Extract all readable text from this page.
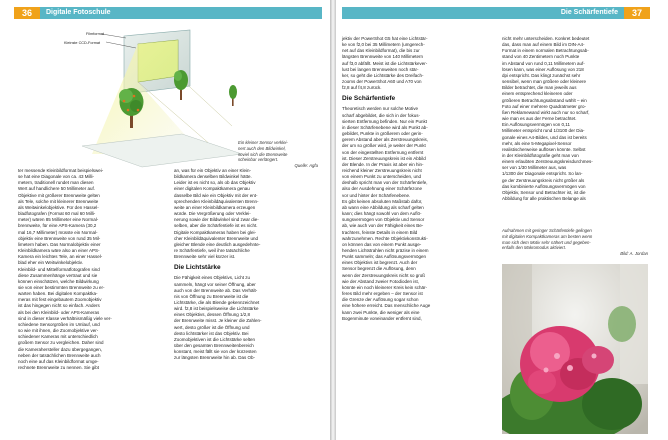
36	Digitale Fotoschule
Filmformat
Kleinste CCD-Format
Ein kleiner Sensor verklei-
nert auch den Bildwinkel,
soviel sich die Brennweite
scheinbar verlängert.
Quelle: Agfa
ter messende Kleinbildformat beispielswei-
se hat eine Diagonale von ca. 43 Milli-
metern, traditionell rundet man diesen
Wert auf handlichere 50 Millimeter auf.
Objektive mit größerer Brennweite gelten
als Tele, solche mit kleinerer Brennweite
als Weitwinkelobjektive. Für den Hassel-
bladfotografen (Format 60 mal 60 Milli-
meter) wären 85 Millimeter eine Normal-
brennweite, für eine APS-Kamera (30,2
mal 16,7 Millimeter) müsste ein Normal-
objektiv eine Brennweite von rund 35 Mil-
limetern haben. Das Normalobjektiv einer
Kleinbildkamera wäre also an einer APS-
Kamera ein leichtes Tele, an einer Hassel-
blad eher ein Weitwinkelobjektiv.
Kleinbild- und Mittelformatfotografen sind
diese Zusammenhänge vertraut und sie
können einschätzen, welche Bildwirkung
sie von einer bestimmten Brennweite zu er-
warten haben. Bei digitalen Kompaktka-
meras mit fest eingebautem Zoomobjektiv
ist das hingegen nicht so einfach. Anders
als bei den Kleinbild- oder APS-Kameras
sind in dieser Klasse verhältnismäßig viele ver-
schiedene Sensorgrößen im Umlauf, und
so wie mit ihnen, die Zoomobjektive ver-
schiedener Kameras mit unterschiedlich
großem Sensor zu vergleichen. Daher sind
die Kamerahersteller dazu übergegangen,
neben der tatsächlichen Brennweite auch
noch eine auf das Kleinbildformat umge-
rechnete Brennweite zu nennen. Sie gibt
an, was für ein Objektiv an einer Klein-
bildkamera denselben Bildwinkel hätte.
Leider ist es nicht so, als ob das Objektiv
einer digitalen Kompaktkamera genau
dasselbe Bild wie ein Objektiv mit der ent-
sprechenden Kleinbildäquivalenten Brenn-
weite an einer Kleinbildkamera erzeugen
würde. Die Vergrößerung oder Verklei-
nerung sowie der Bildwinkel sind zwar die-
selben, aber die Schärfentiefe ist es nicht.
Digitale Kompaktkameras haben bei glei-
cher Kleinbildäquivalenter Brennweite und
gleicher Blende eine deutlich ausgedehnte-
re Schärfentiefe, weil ihre tatsächliche
Brennweite sehr viel kürzer ist.
Die Lichtstärke
Die Fähigkeit eines Objektivs, Licht zu
sammeln, hängt vor seiner Öffnung, aber
auch von der Brennweite ab. Das Verhält-
nis von Öffnung zu Brennweite ist die
Lichtstärke, die als Blende gekennzeichnet
wird. f2,8 ist beispielsweise die Lichtstärke
eines Objektivs, dessen Öffnung 1/2,8
der Brennweite misst. Je kleiner die Zahlen-
wert, desto größer ist die Öffnung und
desto lichtstärker ist das Objektiv. Bei
Zoomobjektiven ist die Lichtstärke selten
über den gesamten Brennweitenbereich
konstant, meist fällt sie von der kürzesten
zur längsten Brennweite hin ab. Das Ob-
Die Schärfentiefe	37
jektiv der PowerShot G5 hat eine Lichtstär-
ke von f2,0 bei 35 Millimetern (umgerech-
net auf das Kleinbildformat), die bis zur
längsten Brennweite von 140 Millimetern
auf f3,0 abfällt. Meist ist die Lichtstärkever-
lust bei langen Brennweiten noch stär-
ker, so geht die Lichtstärke des Dreifach-
zooms der PowerShot A60 und A70 von
f2,8 auf f4,8 zurück.
Die Schärfentiefe
Theoretisch werden nur solche Motive
scharf abgebildet, die sich in der fokus-
sierten Entfernung befinden. Nur ein Punkt
in dieser Schärfenebene wird als Punkt ab-
gebildet, Punkte in größerem oder gerin-
gerem Abstand aber als Zerstreuungskreis,
der um so größer wird, je weiter der Punkt
von der eingestellten Entfernung entfernt
ist. Dieser Zerstreuungskreis ist ein Abbild
der Blende. In der Praxis ist aber ein hin-
reichend kleiner Zerstreuungskreis nicht
von einem Punkt zu unterscheiden, und
deshalb spricht man von der Schärfentiefe,
also der Ausdehnung einer Schärfezone
vor und hinter der Schärfenebene.
Es gibt keinen absoluten Maßstab dafür,
ab wann eine Abbildung als scharf gelten
kann; dies hängt sowohl von dem Auflö-
sungsvermögen von Objektiv und Sensor
ab, wie auch von der Fähigkeit eines Be-
trachters, feinste Details in einem Bild
wahrzunehmen. Rechte Objektivkonstrukti-
on können das von einem Punkt ausge-
henden Lichtstrahlen nicht präzise in einem
Punkt sammeln; das Auflösungsvermögen
eines Objektivs ist begrenzt. Auch der
Sensor begrenzt die Auflösung, denn
wenn der Zerstreuungskreis nicht so groß
wie der Abstand zweier Fotodioden ist,
könnte ein noch kleinerer Kreis kein schär-
feres Bild mehr ergeben – der Sensor ist
die Grenze der Auflösung sogar schon
eine höhere erreicht. Das menschliche Auge
kann zwei Punkte, die weniger als eine
Bogenminute voneinander entfernt sind,
nicht mehr unterscheiden. Konkret bedeutet
das, dass man auf einem Bild im DIN-A4-
Format in einem normalen Betrachtungsab-
stand von 40 Zentimetern noch Punkte
im Abstand von rund 0,11 Millimetern auf-
lösen kann, was einer Auflösung von 218
dpi entspricht. Das klingt zunächst sehr
sensibel, wenn man größere oder kleinere
Bilder betrachtet, die man jeweils aus
einem entsprechend kleineren oder
größeren Betrachtungsabstand wählt – ein
Foto auf einer mehrere Quadratmeter gro-
ßen Reklamewand wirkt auch nur so scharf,
wie man es aus der Ferne betrachtet.
Ein Auflösungsvermögen von 0,11
Millimeter entspricht rund 1/3100 der Dia-
gonale eines A4-Bildes, und das ist bereits
mehr, als eine 5-Megapixel-Sensor
realistischerweise auflösen könnte. Selbst
in der Kleinbildfotografie geht man von
einem erlaubten Zerstreuungskreisdurchmes-
ser von 1/30 Millimeter aus, was
1/1300 der Diagonale entspricht. So lan-
ge der Zerstreuungskreis nicht größer als
das kombinierte Auflösungsvermögen von
Objektiv, Sensor und Betrachter ist, ist die
Abbildung für alle praktischen Belange als
Aufnahmen mit geringer Schärfentiefe gelingen
mit digitalen Kompaktkameras am besten wenn
man sich dem Motiv sehr nähert und gegeben-
enfalls den Makromodus aktiviert.
Bild: A. Jordan
